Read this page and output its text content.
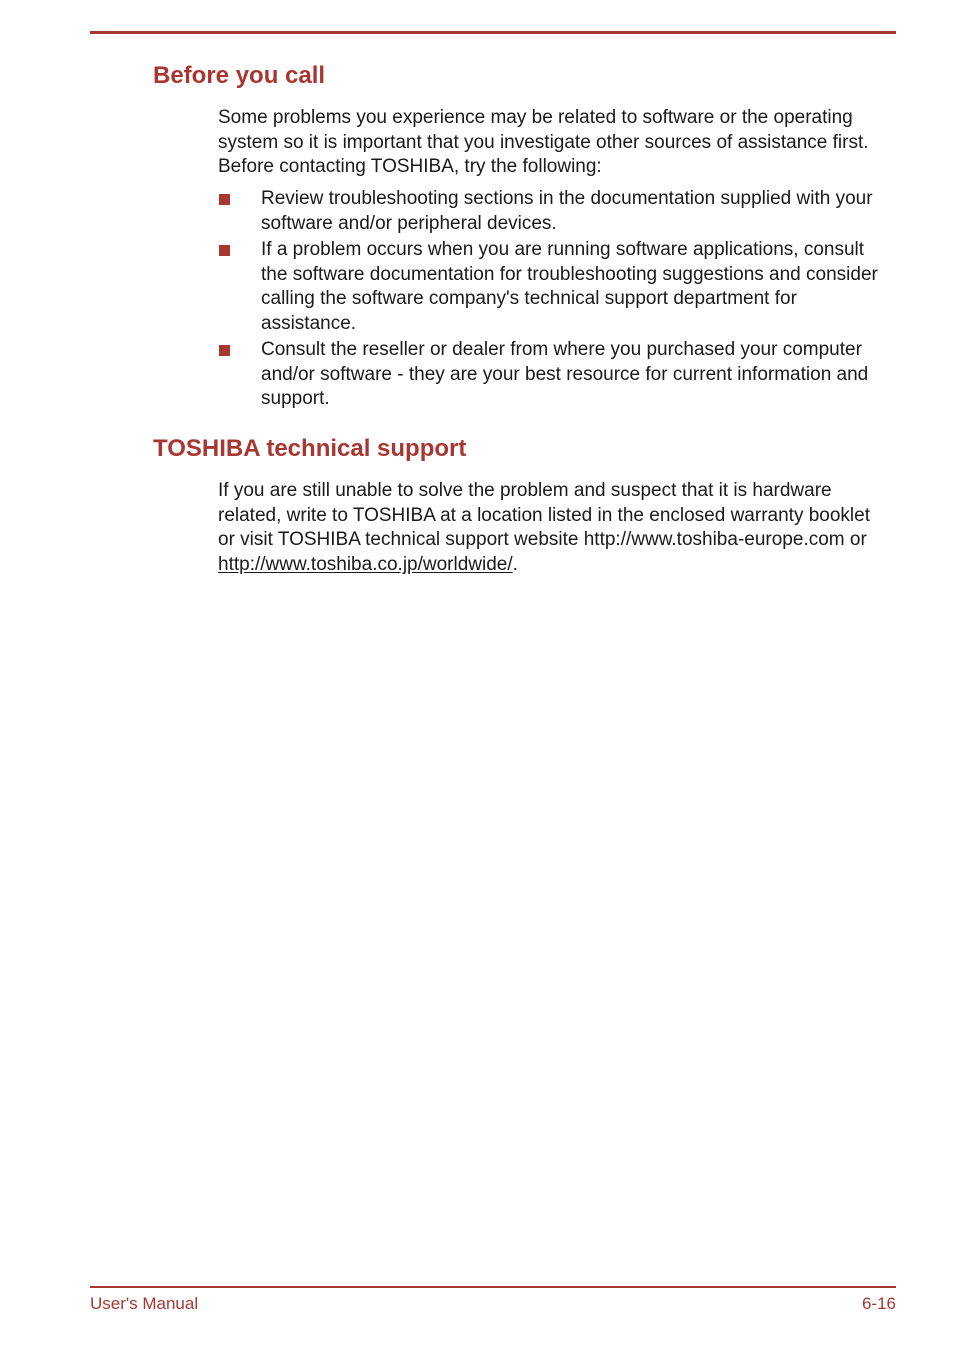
Before you call

Some problems you experience may be related to software or the operating system so it is important that you investigate other sources of assistance first. Before contacting TOSHIBA, try the following:

Review troubleshooting sections in the documentation supplied with your software and/or peripheral devices.
If a problem occurs when you are running software applications, consult the software documentation for troubleshooting suggestions and consider calling the software company's technical support department for assistance.
Consult the reseller or dealer from where you purchased your computer and/or software - they are your best resource for current information and support.
TOSHIBA technical support

If you are still unable to solve the problem and suspect that it is hardware related, write to TOSHIBA at a location listed in the enclosed warranty booklet or visit TOSHIBA technical support website http://www.toshiba-europe.com or http://www.toshiba.co.jp/worldwide/.

User's Manual	6-16
